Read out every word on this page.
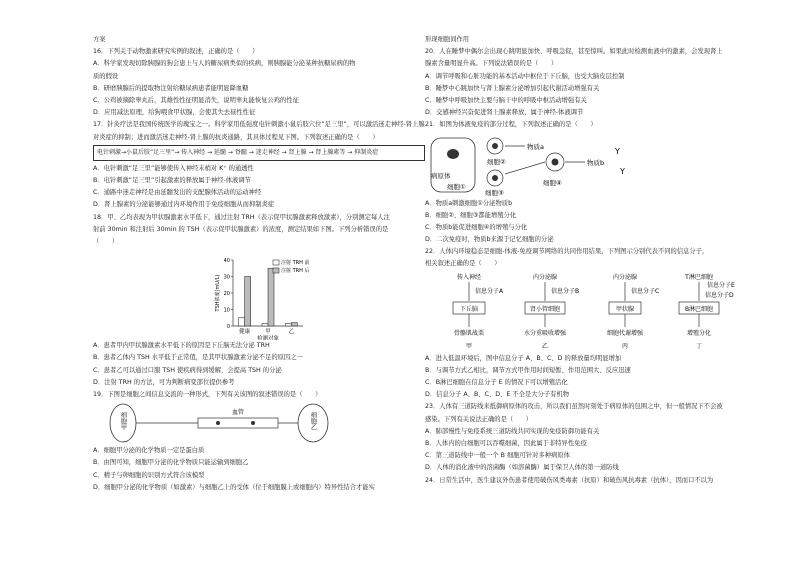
方案
16．下列关于动物激素研究实例的叙述，正确的是（　　）
A．科学家发现切除胰腺的狗会患上与人的糖尿病类似的疾病，则胰腺能分泌某种抗糖尿病的物
质的假设
B．研磨胰腺后的提取物注射给糖尿病患者能明显降血糖
C．公鸡被摘除睾丸后，其雄性性征明显消失，说明睾丸能恢复公鸡的性征
D．应用减法原理，给狗喂食甲状腺，会使其失去昼性性征
17．针灸疗法是我国传统医学的瑰宝之一。科学家用低强度电针刺激小鼠后肢穴位“足三里”，可以激活迷走神经-肾上腺
对炎症的抑制；进而激活迷走神经-肾上腺的抗炎通路，其具体过程见下图。下列叙述正确的是（　　）
电针刺激→小鼠后肢“足三里”→ 传入神经 → 延髓 → 脊髓 → 迷走神经 → 肾上腺 → 肾上腺素等 → 抑制炎症
A．电针刺激“足三里”能够使传入神经末梢对 K⁺ 的通透性
B．电针刺激“足三里”引起激素的释放属于神经-体液调节
C．通路中迷走神经是由延髓发出的支配腺体活动的运动神经
D．肾上腺素的分泌能够通过内环境作用于免疫细胞从而抑制炎症
18．甲、乙均表现为甲状腺激素水平低下，通过注射 TRH（表示促甲状腺激素释放激素），分别测定每人注
射前 30min 和注射后 30min 的 TSH（表示促甲状腺激素）的浓度，测定结果如下图。下列分析错误的是
（　　）
0
10
20
30
40
TSH浓度(mU/L)
健康	甲	乙
检测对象
注射 TRH 前
注射 TRH 后
A．患者甲内甲状腺激素水平低下的原因是下丘脑无法分泌 TRH
B．患者乙体内 TSH 水平低于正常值，是其甲状腺激素分泌不足的原因之一
C．患者乙可以通过口服 TSH 使疾病得到缓解，会提高 TSH 的分泌
D．注射 TRH 的方法，可为判断病变部位提供参考
19．下图是细胞之间信息交流的一种形式，下列有关该图的叙述错误的是（　　）
细胞甲	血管	细胞乙
A．细胞甲分泌的化学物质一定是蛋白质
B．由图可知，细胞甲分泌的化学物质只能运输到细胞乙
C．精子与卵细胞的识别方式符合该模型
D．细胞甲分泌的化学物质（如激素）与细胞乙上的受体（位于细胞膜上或细胞内）特异性结合才能实
形现细胞间作用
20．人在睡梦中偶尔会出现心跳明显加快、呼吸急促，甚至惊叫。如果此时检测血液中的激素，会发现肾上
腺素含量明显升高。下列说法错误的是（　　）
A．调节呼吸和心脏功能的基本活动中枢位于下丘脑，也受大脑皮层控制
B．睡梦中心跳加快与肾上腺素分泌增加引起代谢活动增强有关
C．睡梦中呼吸加快主要与脑干中的呼吸中枢活动增强有关
D．交感神经兴奋促进肾上腺素释放，属于神经-体液调节
21．如图为体液免疫的部分过程，下列叙述正确的是（　　）
病原体
细胞①
细胞②
物质a
细胞③
细胞④
物质b
Y
Y
A．物质a刺激细胞①分泌物质b
B．细胞②、细胞③都能增殖分化
C．物质b能促进细胞④的增殖与分化
D．二次免疫时，物质b来源于记忆细胞的分泌
22．人体内环境稳态是细胞-体液-免疫调节网络的共同作用结果，下列图示分别代表不同的信息分子，
相关叙述正确的是（　　）
传入神经
信息分子A
下丘脑
骨骼肌战栗
甲
内分泌腺
信息分子B
肾小管细胞
水分重吸收增强
乙
内分泌腺
信息分子C
甲状腺
细胞代谢增强
丙
T淋巴细胞
信息分子E
信息分子D
B淋巴细胞
增殖分化
丁
A．进入低温环境后，图中信息分子 A、B、C、D 的释放量均明显增加
B．与调节方式乙相比，调节方式甲作用时间短暂、作用范围大、反应迅速
C．B淋巴细胞在信息分子 E 的情况下可以增殖活化
D．信息分子 A、B、C、D、E 不全是大分子有机物
23．人体有三道防线来抵御病原体的攻击，所以我们虽然时刻处于病原体的包围之中，但一般情况下不会被
感染。下列有关说法正确的是（　　）
A．肺部慢性与免疫系统三道防线共同实现的免疫防御功能有关
B．人体内的白细胞可以吞噬细菌，因此属于非特异性免疫
C．第三道防线中一般一个 B 细胞可针对多种病原体
D．人体的消化液中的溶菌酶（如溶菌酶）属于保卫人体的第一道防线
24．日常生活中，医生建议外伤患者使用破伤风类毒素（抗原）和破伤风抗毒素（抗体），因而口不以为
